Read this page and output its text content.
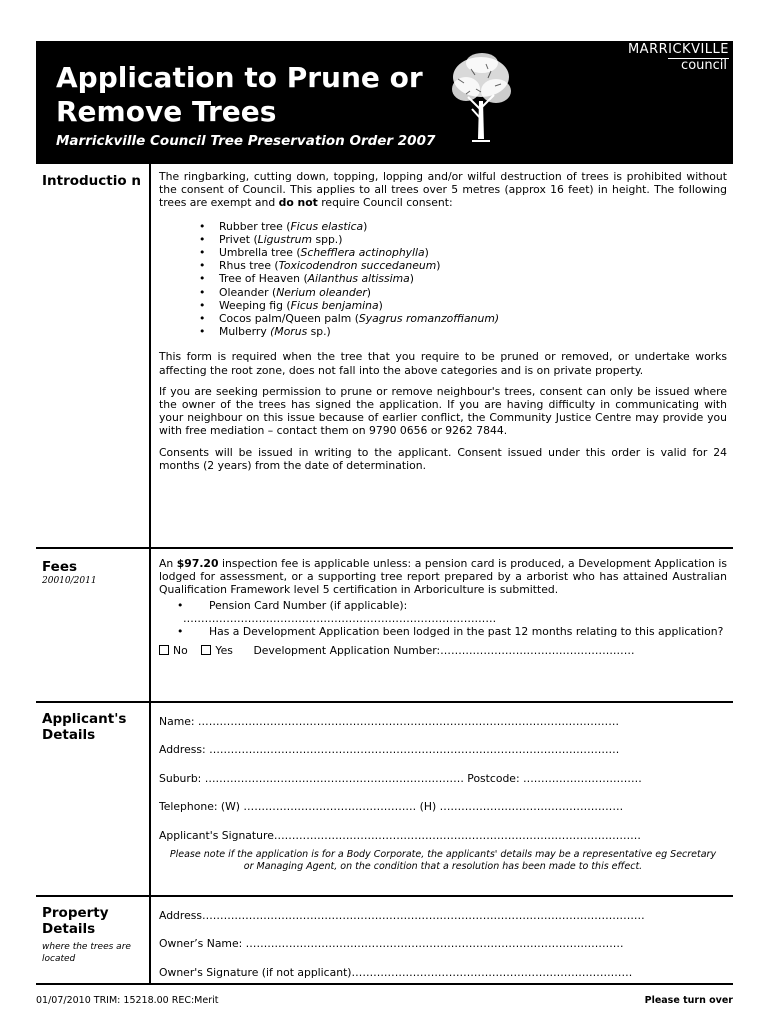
Application to Prune or
Remove Trees
MARRICKVILLE
council
Marrickville Council Tree Preservation Order 2007
Introductio n The ringbarking, cutting down, topping, lopping and/or wilful destruction of trees is prohibited without the consent of Council. This applies to all trees over 5 metres (approx 16 feet) in height. The following trees are exempt and do not require Council consent:

• Rubber tree (Ficus elastica)
• Privet (Ligustrum spp.)
• Umbrella tree (Schefflera actinophylla)
• Rhus tree (Toxicodendron succedaneum)
• Tree of Heaven (Ailanthus altissima)
• Oleander (Nerium oleander)
• Weeping fig (Ficus benjamina)
• Cocos palm/Queen palm (Syagrus romanzoffianum)
• Mulberry (Morus sp.)

This form is required when the tree that you require to be pruned or removed, or undertake works affecting the root zone, does not fall into the above categories and is on private property.

If you are seeking permission to prune or remove neighbour's trees, consent can only be issued where the owner of the trees has signed the application. If you are having difficulty in communicating with your neighbour on this issue because of earlier conflict, the Community Justice Centre may provide you with free mediation – contact them on 9790 0656 or 9262 7844.

Consents will be issued in writing to the applicant. Consent issued under this order is valid for 24 months (2 years) from the date of determination.

Fees
20010/2011

An $97.20 inspection fee is applicable unless: a pension card is produced, a Development Application is lodged for assessment, or a supporting tree report prepared by a arborist who has attained Australian Qualification Framework level 5 certification in Arboriculture is submitted.

• Pension Card Number (if applicable):
……………………………………………………………………………
•	Has a Development Application been lodged in the past 12 months relating to this application?
No	Yes Development Application Number:………………………………………………
Applicant's Details
Name: ………………………………………………………………………………………………………
Address: ……………………………………………………………………………………………………
Suburb: ……………………………………………………………… Postcode: ……………………………
Telephone: (W) ………………………………………… (H) ……………………………………………
Applicant's Signature…………………………………………………………………………………………
Please note if the application is for a Body Corporate, the applicants' details may be a representative eg Secretary or Managing Agent, on the condition that a resolution has been made to this effect.
Property Details
where the trees are located
Address……………………………………………………………………………………………………………
Owner’s Name: ……………………………………………………………………………………………
Owner's Signature (if not applicant)……………………………………………………………………
01/07/2010 TRIM: 15218.00 REC:Merit	Please turn over
